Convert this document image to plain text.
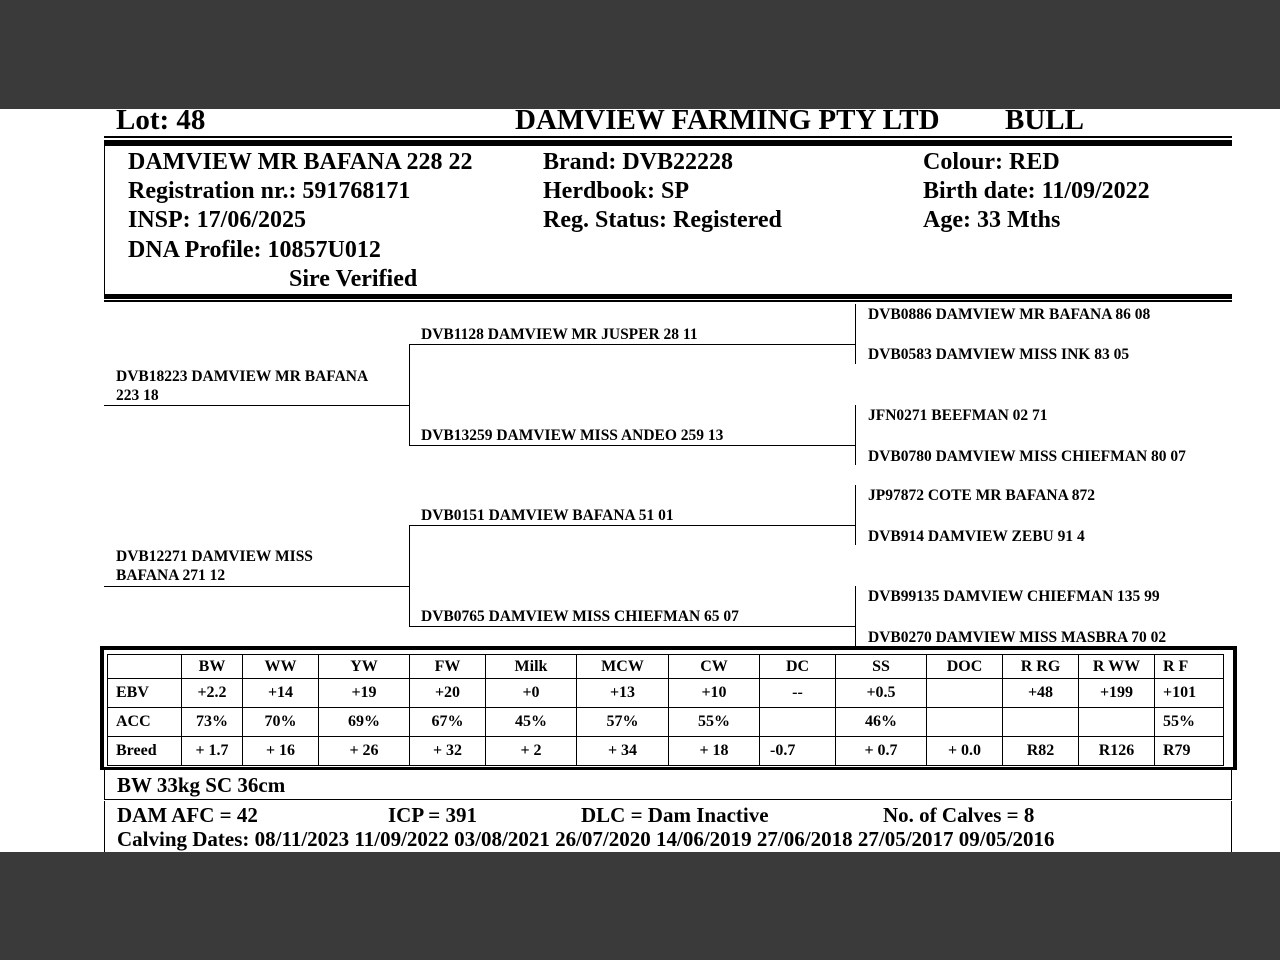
Lot: 48	DAMVIEW FARMING PTY LTD BULL
DAMVIEW MR BAFANA 228 22
Registration nr.: 591768171
INSP: 17/06/2025
DNA Profile: 10857U012
Sire Verified
Brand: DVB22228
Herdbook: SP
Reg. Status: Registered
Colour: RED
Birth date: 11/09/2022
Age: 33 Mths
DVB18223 DAMVIEW MR BAFANA
223 18
DVB12271 DAMVIEW MISS
BAFANA 271 12
DVB1128 DAMVIEW MR JUSPER 28 11
DVB13259 DAMVIEW MISS ANDEO 259 13
DVB0151 DAMVIEW BAFANA 51 01
DVB0765 DAMVIEW MISS CHIEFMAN 65 07
DVB0886 DAMVIEW MR BAFANA 86 08
DVB0583 DAMVIEW MISS INK 83 05
JFN0271 BEEFMAN 02 71
DVB0780 DAMVIEW MISS CHIEFMAN 80 07
JP97872 COTE MR BAFANA 872
DVB914 DAMVIEW ZEBU 91 4
DVB99135 DAMVIEW CHIEFMAN 135 99
DVB0270 DAMVIEW MISS MASBRA 70 02
	BW	WW	YW	FW	Milk	MCW	CW	DC	SS	DOC	R RG	R WW	R F
EBV	+2.2	+14	+19	+20	+0	+13	+10	--	+0.5		+48	+199	+101
ACC	73%	70%	69%	67%	45%	57%	55%		46%				55%
Breed	+ 1.7	+ 16	+ 26	+ 32	+ 2	+ 34	+ 18	-0.7	+ 0.7	+ 0.0	R82	R126	R79
BW 33kg SC 36cm
DAM AFC = 42	ICP = 391	DLC = Dam Inactive	No. of Calves = 8
Calving Dates: 08/11/2023 11/09/2022 03/08/2021 26/07/2020 14/06/2019 27/06/2018 27/05/2017 09/05/2016
